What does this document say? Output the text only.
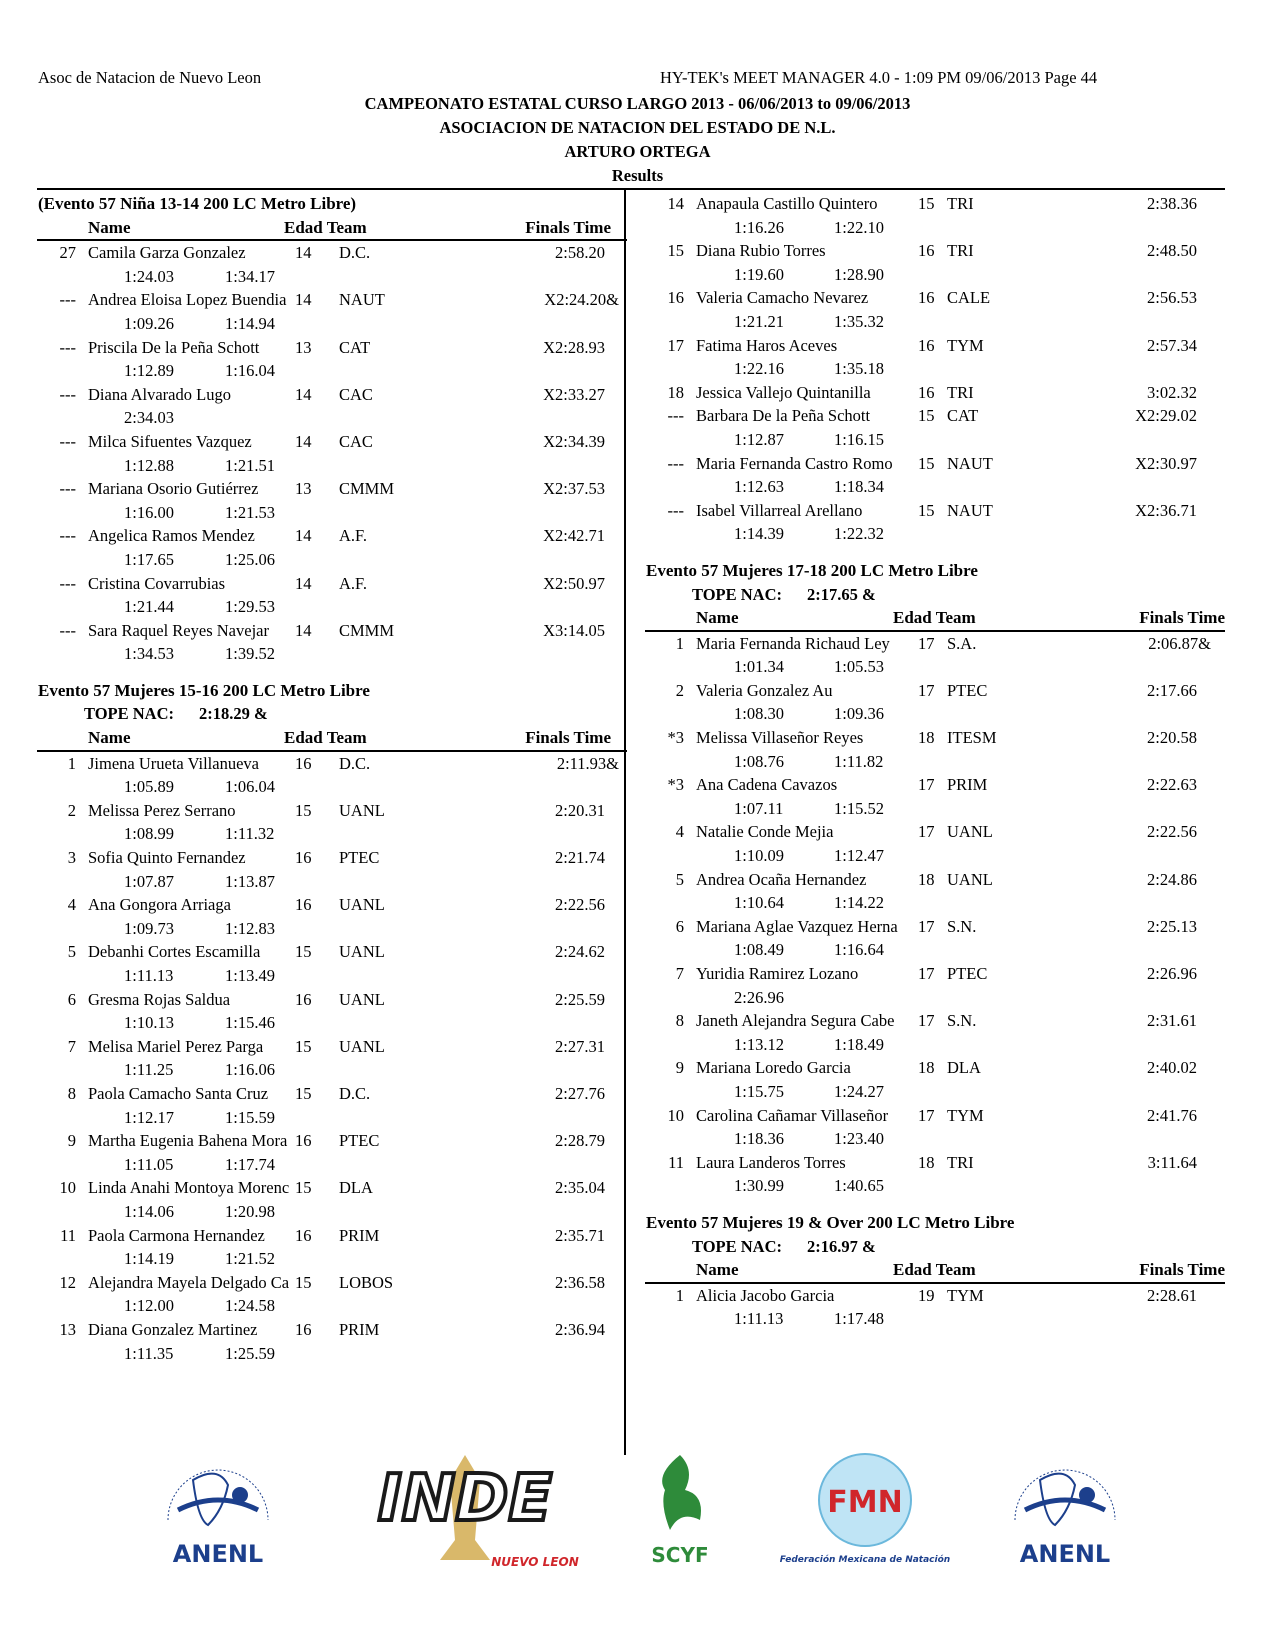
Asoc de Natacion de Nuevo Leon	HY-TEK's MEET MANAGER 4.0 - 1:09 PM 09/06/2013 Page 44
CAMPEONATO ESTATAL CURSO LARGO 2013 - 06/06/2013 to 09/06/2013
ASOCIACION DE NATACION DEL ESTADO DE N.L.
ARTURO ORTEGA
Results
(Evento 57 Niña 13-14 200 LC Metro Libre)
Name	Edad Team	Finals Time
27 Camila Garza Gonzalez	14 D.C.	2:58.20
1:24.03	1:34.17
--- Andrea Eloisa Lopez Buendia 14 NAUT	X2:24.20&
1:09.26	1:14.94
--- Priscila De la Peña Schott	13 CAT	X2:28.93
1:12.89	1:16.04
--- Diana Alvarado Lugo	14 CAC	X2:33.27
2:34.03
--- Milca Sifuentes Vazquez	14 CAC	X2:34.39
1:12.88	1:21.51
--- Mariana Osorio Gutiérrez	13 CMMM	X2:37.53
1:16.00	1:21.53
--- Angelica Ramos Mendez	14 A.F.	X2:42.71
1:17.65	1:25.06
--- Cristina Covarrubias	14 A.F.	X2:50.97
1:21.44	1:29.53
--- Sara Raquel Reyes Navejar	14 CMMM	X3:14.05
1:34.53	1:39.52
Evento 57 Mujeres 15-16 200 LC Metro Libre
TOPE NAC: 2:18.29 &
Name	Edad Team	Finals Time
1 Jimena Urueta Villanueva	16 D.C.	2:11.93&
1:05.89	1:06.04
2 Melissa Perez Serrano	15 UANL	2:20.31
1:08.99	1:11.32
3 Sofia Quinto Fernandez	16 PTEC	2:21.74
1:07.87	1:13.87
4 Ana Gongora Arriaga	16 UANL	2:22.56
1:09.73	1:12.83
5 Debanhi Cortes Escamilla	15 UANL	2:24.62
1:11.13	1:13.49
6 Gresma Rojas Saldua	16 UANL	2:25.59
1:10.13	1:15.46
7 Melisa Mariel Perez Parga	15 UANL	2:27.31
1:11.25	1:16.06
8 Paola Camacho Santa Cruz	15 D.C.	2:27.76
1:12.17	1:15.59
9 Martha Eugenia Bahena Mora 16 PTEC	2:28.79
1:11.05	1:17.74
10 Linda Anahi Montoya Morenc 15 DLA	2:35.04
1:14.06	1:20.98
11 Paola Carmona Hernandez	16 PRIM	2:35.71
1:14.19	1:21.52
12 Alejandra Mayela Delgado Ca 15 LOBOS	2:36.58
1:12.00	1:24.58
13 Diana Gonzalez Martinez	16 PRIM	2:36.94
1:11.35	1:25.59
14 Anapaula Castillo Quintero	15 TRI	2:38.36
1:16.26	1:22.10
15 Diana Rubio Torres	16 TRI	2:48.50
1:19.60	1:28.90
16 Valeria Camacho Nevarez	16 CALE	2:56.53
1:21.21	1:35.32
17 Fatima Haros Aceves	16 TYM	2:57.34
1:22.16	1:35.18
18 Jessica Vallejo Quintanilla	16 TRI	3:02.32
--- Barbara De la Peña Schott	15 CAT	X2:29.02
1:12.87	1:16.15
--- Maria Fernanda Castro Romo 15 NAUT	X2:30.97
1:12.63	1:18.34
--- Isabel Villarreal Arellano	15 NAUT	X2:36.71
1:14.39	1:22.32
Evento 57 Mujeres 17-18 200 LC Metro Libre
TOPE NAC: 2:17.65 &
Name	Edad Team	Finals Time
1 Maria Fernanda Richaud Ley 17 S.A.	2:06.87&
1:01.34	1:05.53
2 Valeria Gonzalez Au	17 PTEC	2:17.66
1:08.30	1:09.36
*3 Melissa Villaseñor Reyes	18 ITESM	2:20.58
1:08.76	1:11.82
*3 Ana Cadena Cavazos	17 PRIM	2:22.63
1:07.11	1:15.52
4 Natalie Conde Mejia	17 UANL	2:22.56
1:10.09	1:12.47
5 Andrea Ocaña Hernandez	18 UANL	2:24.86
1:10.64	1:14.22
6 Mariana Aglae Vazquez Herna 17 S.N.	2:25.13
1:08.49	1:16.64
7 Yuridia Ramirez Lozano	17 PTEC	2:26.96
2:26.96
8 Janeth Alejandra Segura Cabe 17 S.N.	2:31.61
1:13.12	1:18.49
9 Mariana Loredo Garcia	18 DLA	2:40.02
1:15.75	1:24.27
10 Carolina Cañamar Villaseñor 17 TYM	2:41.76
1:18.36	1:23.40
11 Laura Landeros Torres	18 TRI	3:11.64
1:30.99	1:40.65
Evento 57 Mujeres 19 & Over 200 LC Metro Libre
TOPE NAC: 2:16.97 &
Name	Edad Team	Finals Time
1 Alicia Jacobo Garcia	19 TYM	2:28.61
1:11.13	1:17.48
ANENL
INDE
NUEVO LEON	SCYF
FMN
Federación Mexicana de Natación	ANENL
